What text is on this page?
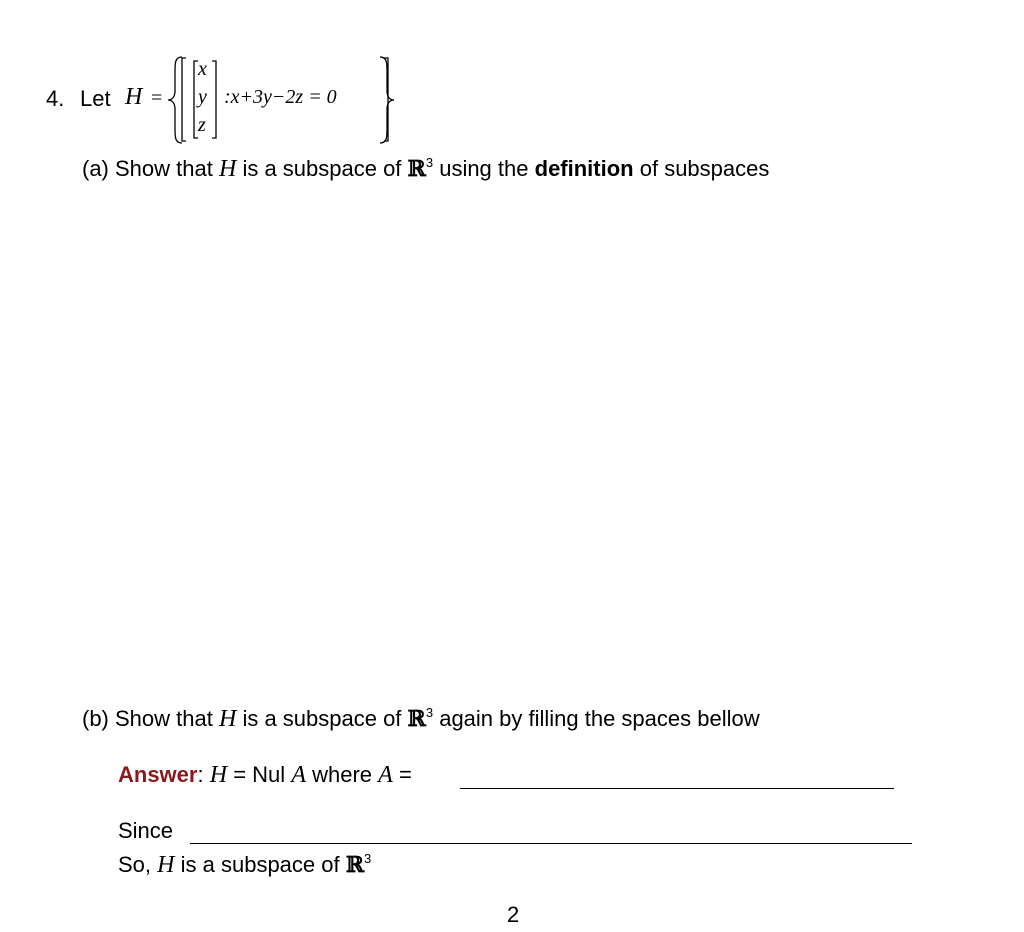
4. Let H =
x
y
z
:x+3y−2z = 0
(a) Show that H is a subspace of ℝ$^3$ using the definition of subspaces
(b) Show that H is a subspace of ℝ$^3$ again by filling the spaces bellow
Answer: H = Nul A where A =
Since
So, H is a subspace of ℝ$^3$
2
